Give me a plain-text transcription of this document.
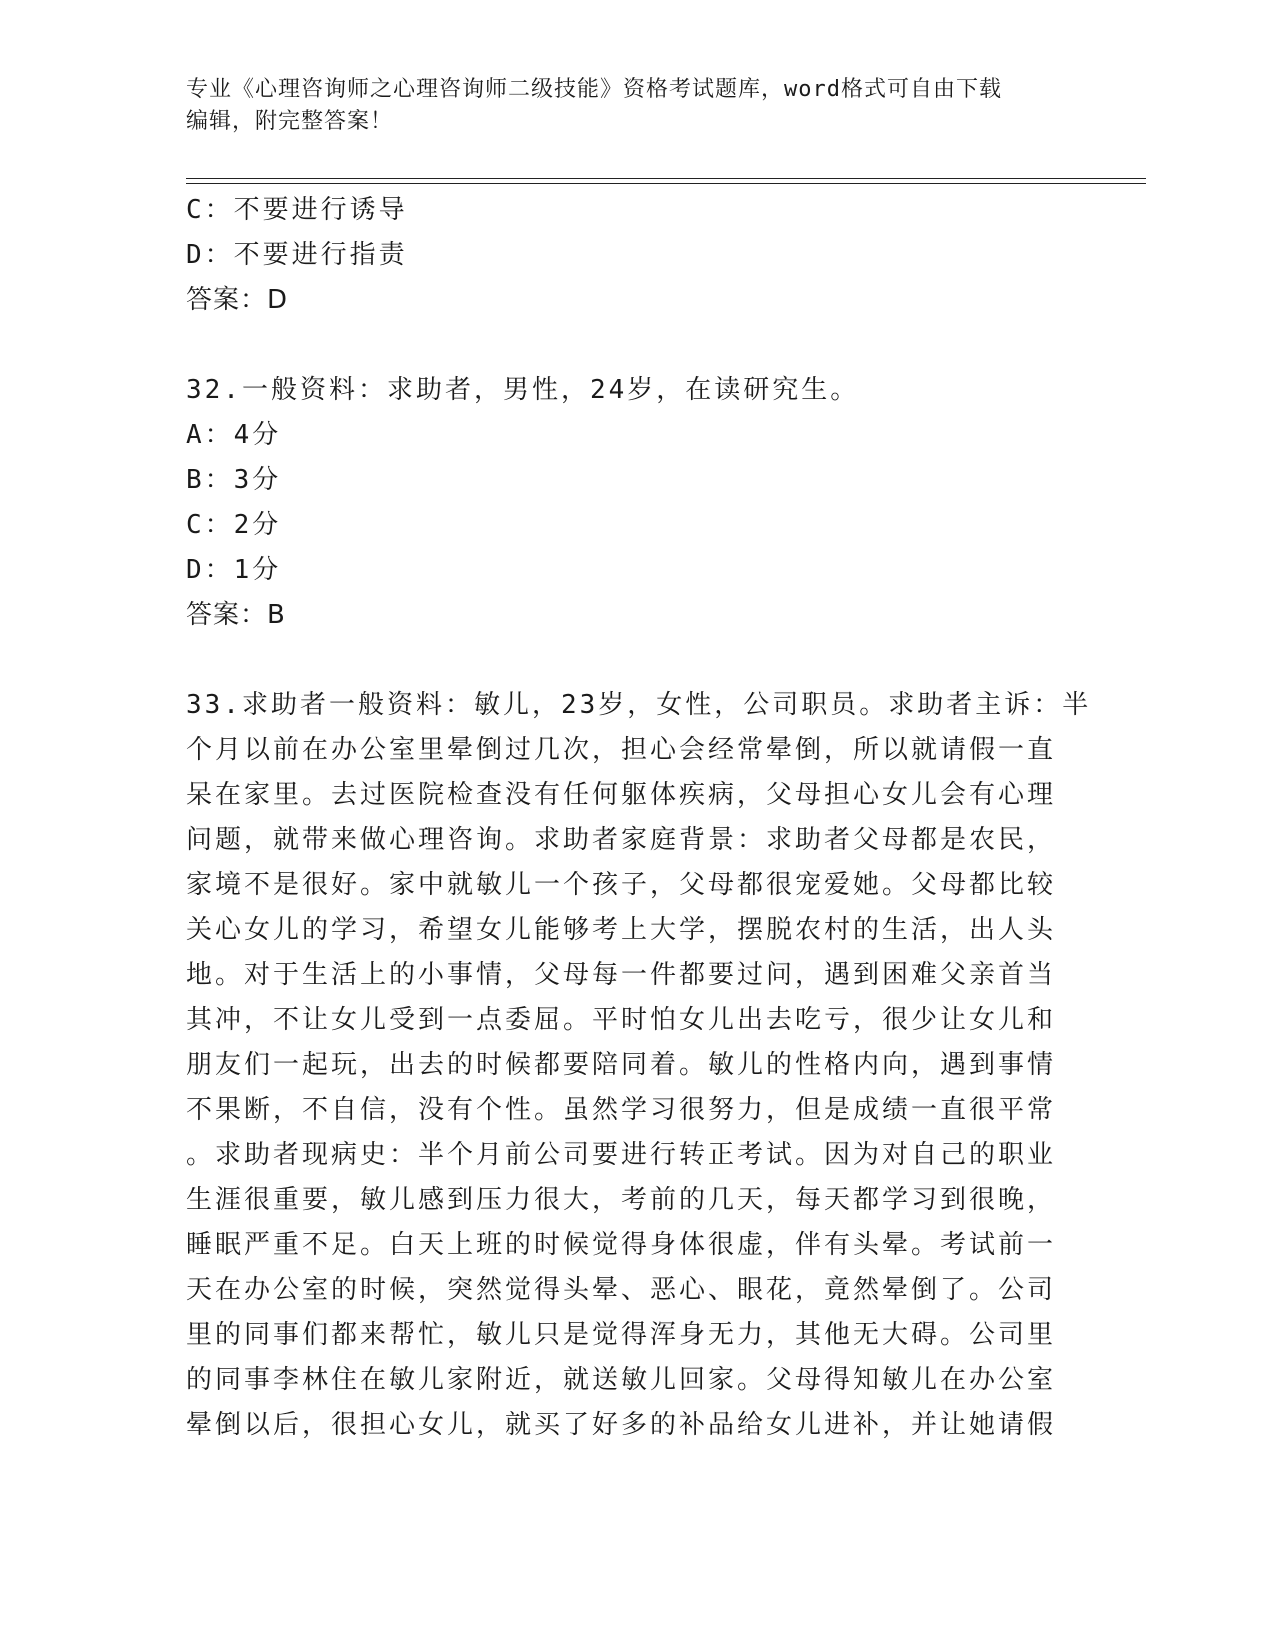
专业《心理咨询师之心理咨询师二级技能》资格考试题库，word格式可自由下载
编辑，附完整答案！

C：不要进行诱导

D：不要进行指责

答案：D

32.一般资料：求助者，男性，24岁，在读研究生。

A：4分

B：3分

C：2分

D：1分

答案：B

33.求助者一般资料：敏儿，23岁，女性，公司职员。求助者主诉：半

个月以前在办公室里晕倒过几次，担心会经常晕倒，所以就请假一直

呆在家里。去过医院检查没有任何躯体疾病，父母担心女儿会有心理

问题，就带来做心理咨询。求助者家庭背景：求助者父母都是农民，

家境不是很好。家中就敏儿一个孩子，父母都很宠爱她。父母都比较

关心女儿的学习，希望女儿能够考上大学，摆脱农村的生活，出人头

地。对于生活上的小事情，父母每一件都要过问，遇到困难父亲首当

其冲，不让女儿受到一点委屈。平时怕女儿出去吃亏，很少让女儿和

朋友们一起玩，出去的时候都要陪同着。敏儿的性格内向，遇到事情

不果断，不自信，没有个性。虽然学习很努力，但是成绩一直很平常

。求助者现病史：半个月前公司要进行转正考试。因为对自己的职业

生涯很重要，敏儿感到压力很大，考前的几天，每天都学习到很晚，

睡眠严重不足。白天上班的时候觉得身体很虚，伴有头晕。考试前一

天在办公室的时候，突然觉得头晕、恶心、眼花，竟然晕倒了。公司

里的同事们都来帮忙，敏儿只是觉得浑身无力，其他无大碍。公司里

的同事李林住在敏儿家附近，就送敏儿回家。父母得知敏儿在办公室

晕倒以后，很担心女儿，就买了好多的补品给女儿进补，并让她请假
